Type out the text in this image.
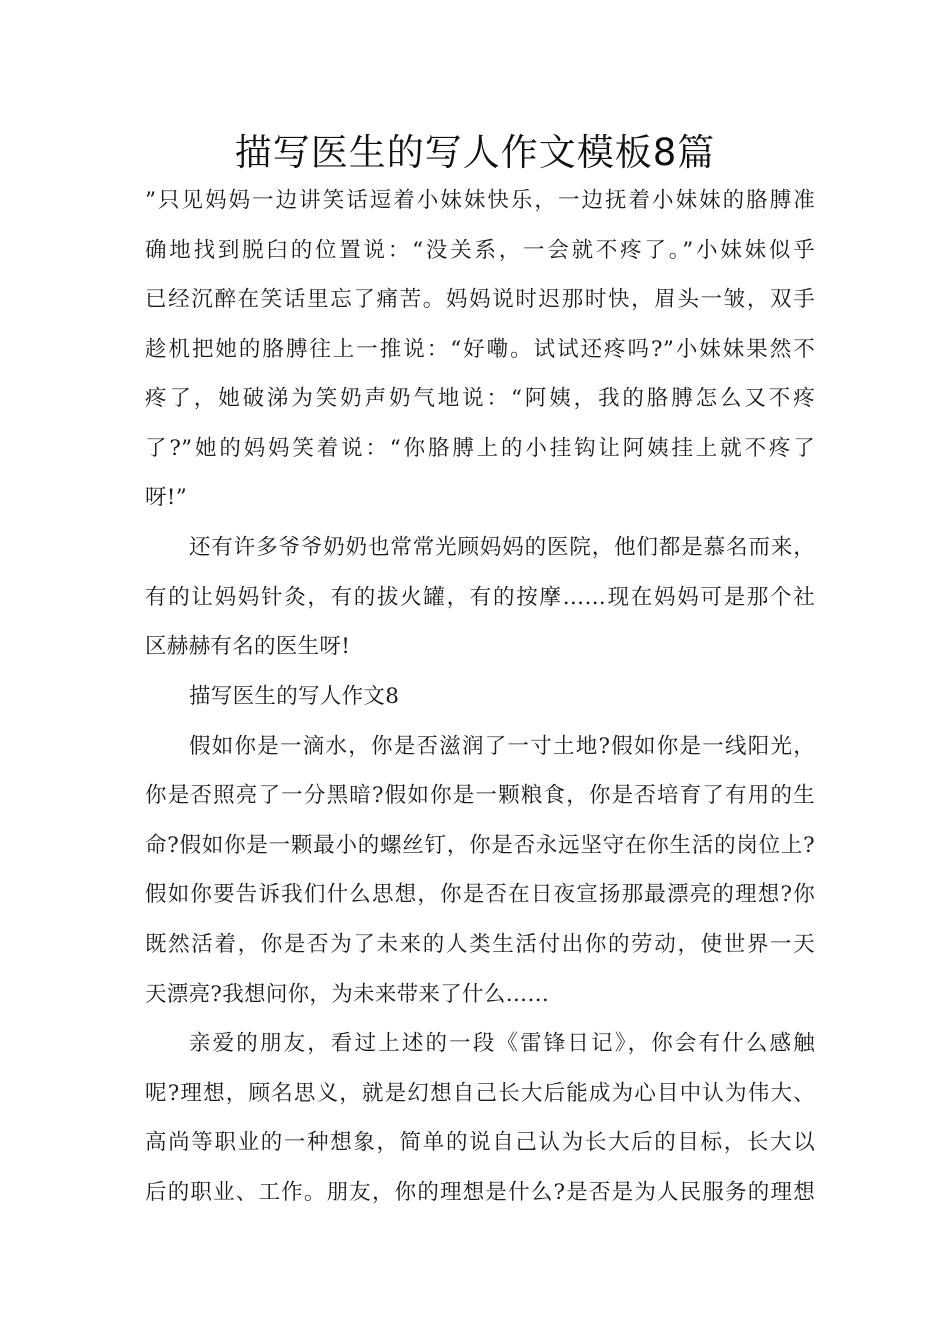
描写医生的写人作文模板8篇

”只见妈妈一边讲笑话逗着小妹妹快乐，一边抚着小妹妹的胳膊准

确地找到脱臼的位置说：“没关系，一会就不疼了。”小妹妹似乎

已经沉醉在笑话里忘了痛苦。妈妈说时迟那时快，眉头一皱，双手

趁机把她的胳膊往上一推说：“好嘞。试试还疼吗?”小妹妹果然不

疼了，她破涕为笑奶声奶气地说：“阿姨，我的胳膊怎么又不疼

了?”她的妈妈笑着说：“你胳膊上的小挂钩让阿姨挂上就不疼了

呀!”

还有许多爷爷奶奶也常常光顾妈妈的医院，他们都是慕名而来，

有的让妈妈针灸，有的拔火罐，有的按摩……现在妈妈可是那个社

区赫赫有名的医生呀!

描写医生的写人作文8

假如你是一滴水，你是否滋润了一寸土地?假如你是一线阳光，

你是否照亮了一分黑暗?假如你是一颗粮食，你是否培育了有用的生

命?假如你是一颗最小的螺丝钉，你是否永远坚守在你生活的岗位上?

假如你要告诉我们什么思想，你是否在日夜宣扬那最漂亮的理想?你

既然活着，你是否为了未来的人类生活付出你的劳动，使世界一天

天漂亮?我想问你，为未来带来了什么……

亲爱的朋友，看过上述的一段《雷锋日记》，你会有什么感触

呢?理想，顾名思义，就是幻想自己长大后能成为心目中认为伟大、

高尚等职业的一种想象，简单的说自己认为长大后的目标，长大以

后的职业、工作。朋友，你的理想是什么?是否是为人民服务的理想
